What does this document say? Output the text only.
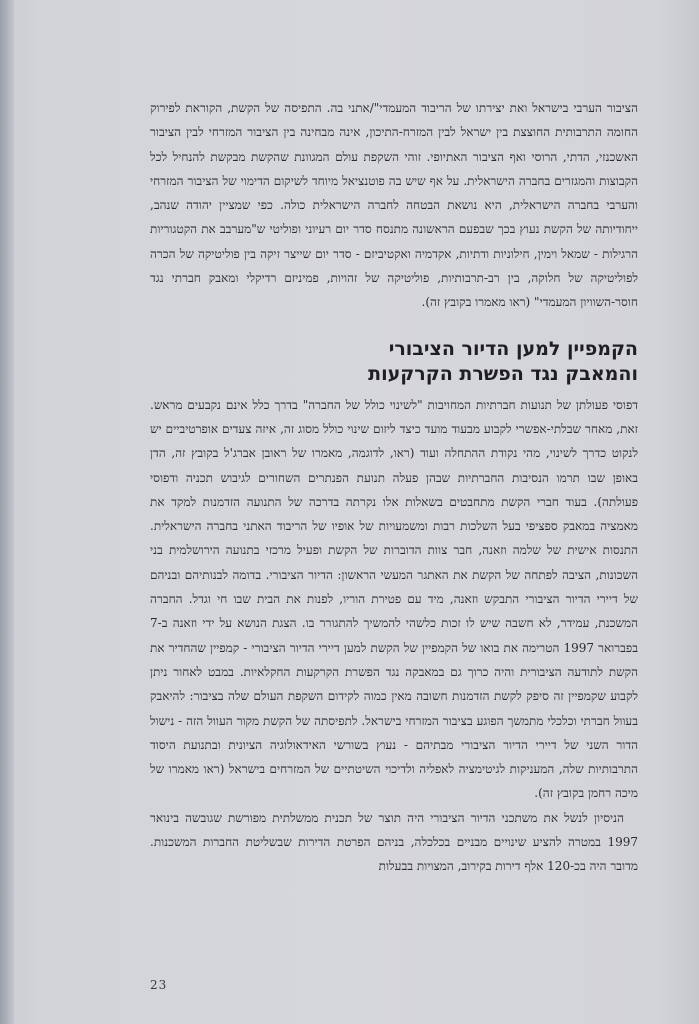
הציבור הערבי בישראל ואת יצירתו של הריבוד המעמדי"/אתני בה. התפיסה של הקשת, הקוראת לפירוק החומה התרבותית החוצצת בין ישראל לבין המזרח-התיכון, אינה מבחינה בין הציבור המזרחי לבין הציבור האשכנזי, הדתי, הרוסי ואף הציבור האתיופי. זוהי השקפת עולם המגוונת שהקשת מבקשת להנחיל לכל הקבוצות והמגזרים בחברה הישראלית. על אף שיש בה פוטנציאל מיוחד לשיקום הדימוי של הציבור המזרחי והערבי בחברה הישראלית, היא נושאת הבטחה לחברה הישראלית כולה. כפי שמציין יהודה שנהב, ייחודיותה של הקשת נעוץ בכך שבפעם הראשונה מתנסח סדר יום רעיוני ופוליטי ש"מערבב את הקטגוריות הרגילות - שמאל וימין, חילוניות ודתיות, אקדמיה ואקטיביזם - סדר יום שייצר זיקה בין פוליטיקה של הכרה לפוליטיקה של חלוקה, בין רב-תרבותיות, פוליטיקה של זהויות, פמיניזם רדיקלי ומאבק חברתי נגד חוסר-השוויון המעמדי" (ראו מאמרו בקובץ זה).

הקמפיין למען הדיור הציבורי
והמאבק נגד הפשרת הקרקעות

דפוסי פעולתן של תנועות חברתיות המחויבות "לשינוי כולל של החברה" בדרך כלל אינם נקבעים מראש. זאת, מאחר שבלתי-אפשרי לקבוע מבעוד מועד כיצד ליזום שינוי כולל מסוג זה, איזה צעדים אופרטיביים יש לנקוט כדרך לשינוי, מהי נקודת ההתחלה ועוד (ראו, לדוגמה, מאמרו של ראובן אברג'ל בקובץ זה, הדן באופן שבו תרמו הנסיבות החברתיות שבהן פעלה תנועת הפנתרים השחורים לגיבוש תכניה ודפוסי פעולתה). בעוד חברי הקשת מתחבטים בשאלות אלו נקרתה בדרכה של התנועה הזדמנות למקד את מאמציה במאבק ספציפי בעל השלכות רבות ומשמעויות של אופיו של הריבוד האתני בחברה הישראלית. התנסות אישית של שלמה וזאנה, חבר צוות הדוברות של הקשת ופעיל מרכזי בתנועה הירושלמית בני השכונות, הציבה לפתחה של הקשת את האתגר המעשי הראשון: הדיור הציבורי. בדומה לבנותיהם ובניהם של דיירי הדיור הציבורי התבקש וזאנה, מיד עם פטירת הוריו, לפנות את הבית שבו חי וגדל. החברה המשכנת, עמידר, לא חשבה שיש לו זכות כלשהי להמשיך להתגורר בו. הצגת הנושא על ידי וזאנה ב-7 בפברואר 1997 הטרימה את בואו של הקמפיין של הקשת למען דיירי הדיור הציבורי - קמפיין שהחדיר את הקשת לתודעה הציבורית והיה כרוך גם במאבקה נגד הפשרת הקרקעות החקלאיות. במבט לאחור ניתן לקבוע שקמפיין זה סיפק לקשת הזדמנות חשובה מאין כמוה לקידום השקפת העולם שלה בציבור: להיאבק בעוול חברתי וכלכלי מתמשך הפוגע בציבור המזרחי בישראל. לתפיסתה של הקשת מקור העוול הזה - נישול הדור השני של דיירי הדיור הציבורי מבתיהם - נעוץ בשורשי האידאולוגיה הציונית ובתנועת היסוד התרבותיות שלה, המעניקות לגיטימציה לאפליה ולדיכוי השיטתיים של המזרחים בישראל (ראו מאמרו של מיכה רחמן בקובץ זה).

הניסיון לנשל את משתכני הדיור הציבורי היה תוצר של תכנית ממשלתית מפורשת שגובשה בינואר 1997 במטרה להציע שינויים מבניים בכלכלה, בניהם הפרטת הדירות שבשליטת החברות המשכנות. מדובר היה בכ-120 אלף דירות בקירוב, המצויות בבעלות

23
